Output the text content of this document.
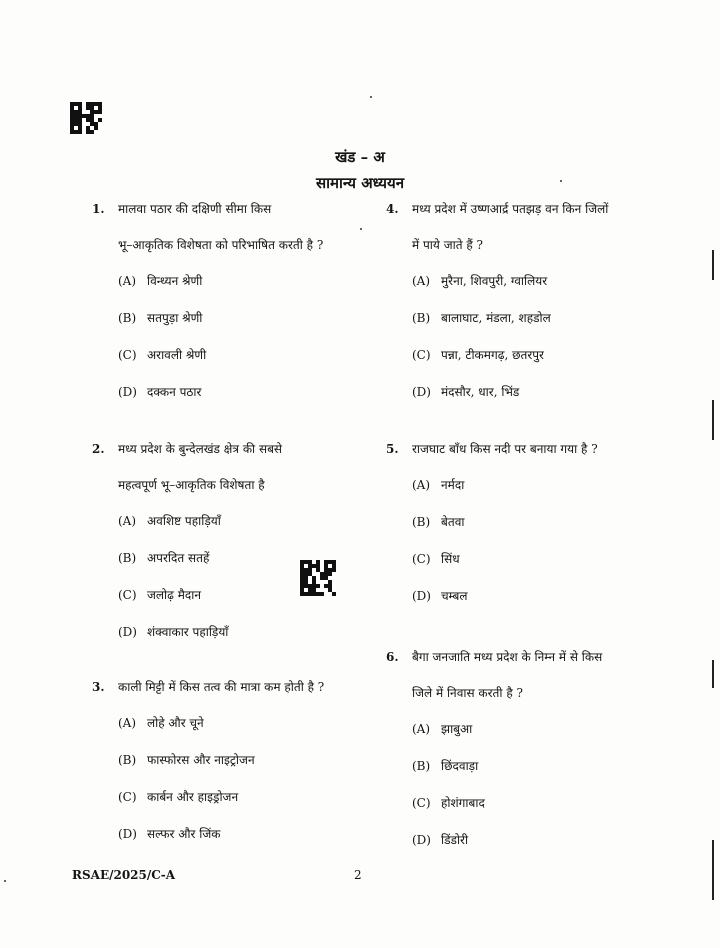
खंड – अ
सामान्य अध्ययन
1. मालवा पठार की दक्षिणी सीमा किस
भू–आकृतिक विशेषता को परिभाषित करती है ?
(A) विन्ध्यन श्रेणी
(B) सतपुड़ा श्रेणी
(C) अरावली श्रेणी
(D) दक्कन पठार
2. मध्य प्रदेश के बुन्देलखंड क्षेत्र की सबसे
महत्वपूर्ण भू–आकृतिक विशेषता है
(A) अवशिष्ट पहाड़ियाँ
(B) अपरदित सतहें
(C) जलोढ़ मैदान
(D) शंक्वाकार पहाड़ियाँ
3. काली मिट्टी में किस तत्व की मात्रा कम होती है ?
(A) लोहे और चूने
(B) फास्फोरस और नाइट्रोजन
(C) कार्बन और हाइड्रोजन
(D) सल्फर और जिंक
4. मध्य प्रदेश में उष्णआर्द्र पतझड़ वन किन जिलों
में पाये जाते हैं ?
(A) मुरैना, शिवपुरी, ग्वालियर
(B) बालाघाट, मंडला, शहडोल
(C) पन्ना, टीकमगढ़, छतरपुर
(D) मंदसौर, धार, भिंड
5. राजघाट बाँध किस नदी पर बनाया गया है ?
(A) नर्मदा
(B) बेतवा
(C) सिंध
(D) चम्बल
6. बैगा जनजाति मध्य प्रदेश के निम्न में से किस
जिले में निवास करती है ?
(A) झाबुआ
(B) छिंदवाड़ा
(C) होशंगाबाद
(D) डिंडोरी
RSAE/2025/C-A	2
